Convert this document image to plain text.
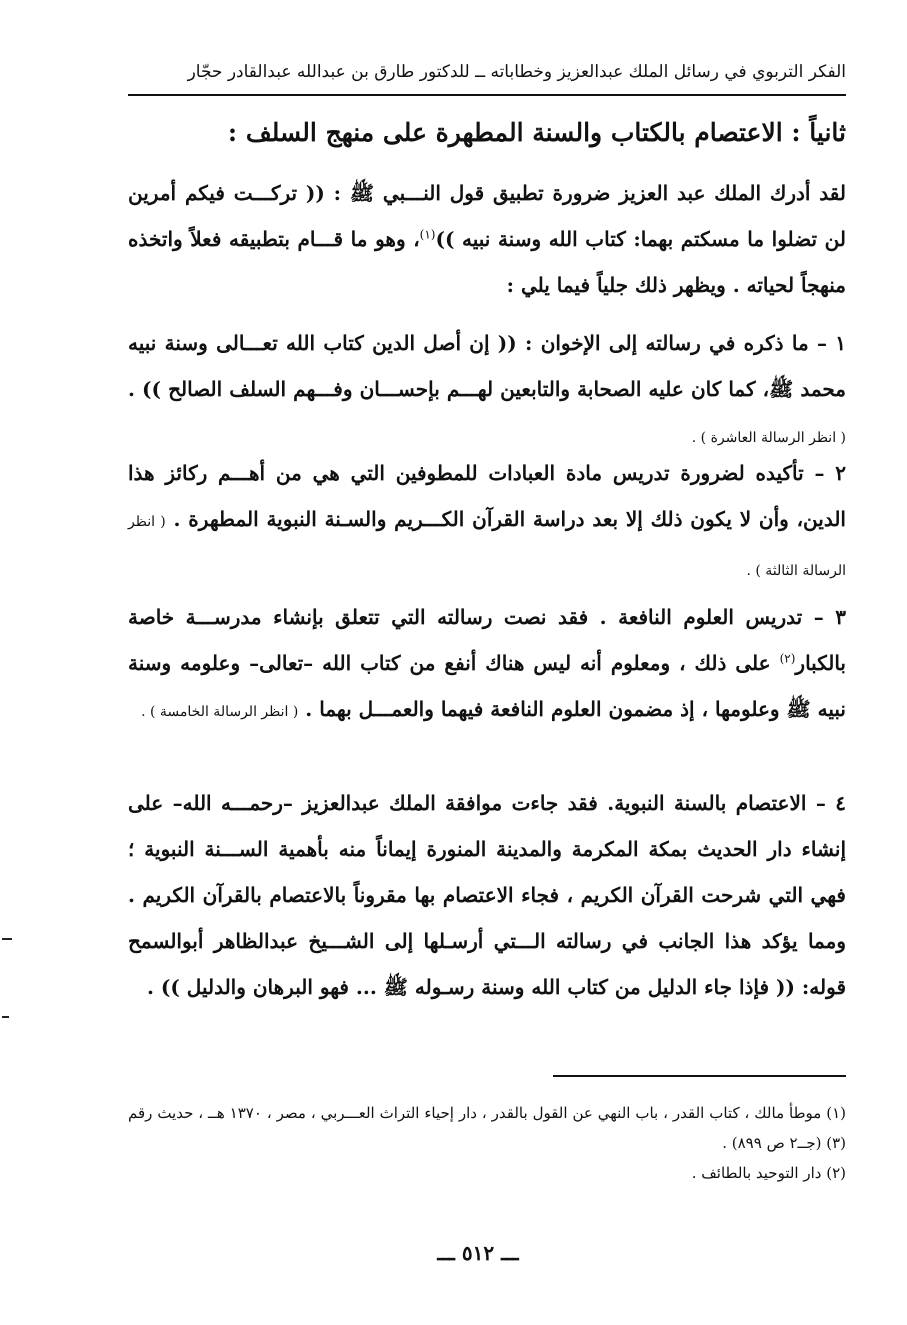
الفكر التربوي في رسائل الملك عبدالعزيز وخطاباته ــ للدكتور طارق بن عبدالله عبدالقادر حجّار
ثانياً : الاعتصام بالكتاب والسنة المطهرة على منهج السلف :
لقد أدرك الملك عبد العزيز ضرورة تطبيق قول النـــبي ﷺ : (( تركـــت فيكم أمرين لن تضلوا ما مسكتم بهما: كتاب الله وسنة نبيه ))$^{(١)}$، وهو ما قـــام بتطبيقه فعلاً واتخذه منهجاً لحياته . ويظهر ذلك جلياً فيما يلي :
١ – ما ذكره في رسالته إلى الإخوان : (( إن أصل الدين كتاب الله تعـــالى وسنة نبيه محمد ﷺ، كما كان عليه الصحابة والتابعين لهـــم بإحســـان وفـــهم السلف الصالح )) . ( انظر الرسالة العاشرة ) .
٢ – تأكيده لضرورة تدريس مادة العبادات للمطوفين التي هي من أهـــم ركائز هذا الدين، وأن لا يكون ذلك إلا بعد دراسة القرآن الكـــريم والسـنة النبوية المطهرة . ( انظر الرسالة الثالثة ) .
٣ – تدريس العلوم النافعة . فقد نصت رسالته التي تتعلق بإنشاء مدرســـة خاصة بالكبار$^{(٢)}$ على ذلك ، ومعلوم أنه ليس هناك أنفع من كتاب الله –تعالى– وعلومه وسنة نبيه ﷺ وعلومها ، إذ مضمون العلوم النافعة فيهما والعمـــل بهما . ( انظر الرسالة الخامسة ) .
٤ – الاعتصام بالسنة النبوية. فقد جاءت موافقة الملك عبدالعزيز –رحمـــه الله– على إنشاء دار الحديث بمكة المكرمة والمدينة المنورة إيماناً منه بأهمية الســـنة النبوية ؛ فهي التي شرحت القرآن الكريم ، فجاء الاعتصام بها مقروناً بالاعتصام بالقرآن الكريم . ومما يؤكد هذا الجانب في رسالته الـــتي أرسـلها إلى الشـــيخ عبدالظاهر أبوالسمح قوله: (( فإذا جاء الدليل من كتاب الله وسنة رسـوله ﷺ ... فهو البرهان والدليل )) .
(١) موطأ مالك ، كتاب القدر ، باب النهي عن القول بالقدر ، دار إحياء التراث العـــربي ، مصر ، ١٣٧٠ هــ ، حديث رقم (٣) (جــ٢ ص ٨٩٩) .
(٢) دار التوحيد بالطائف .
ـــ ٥١٢ ـــ
